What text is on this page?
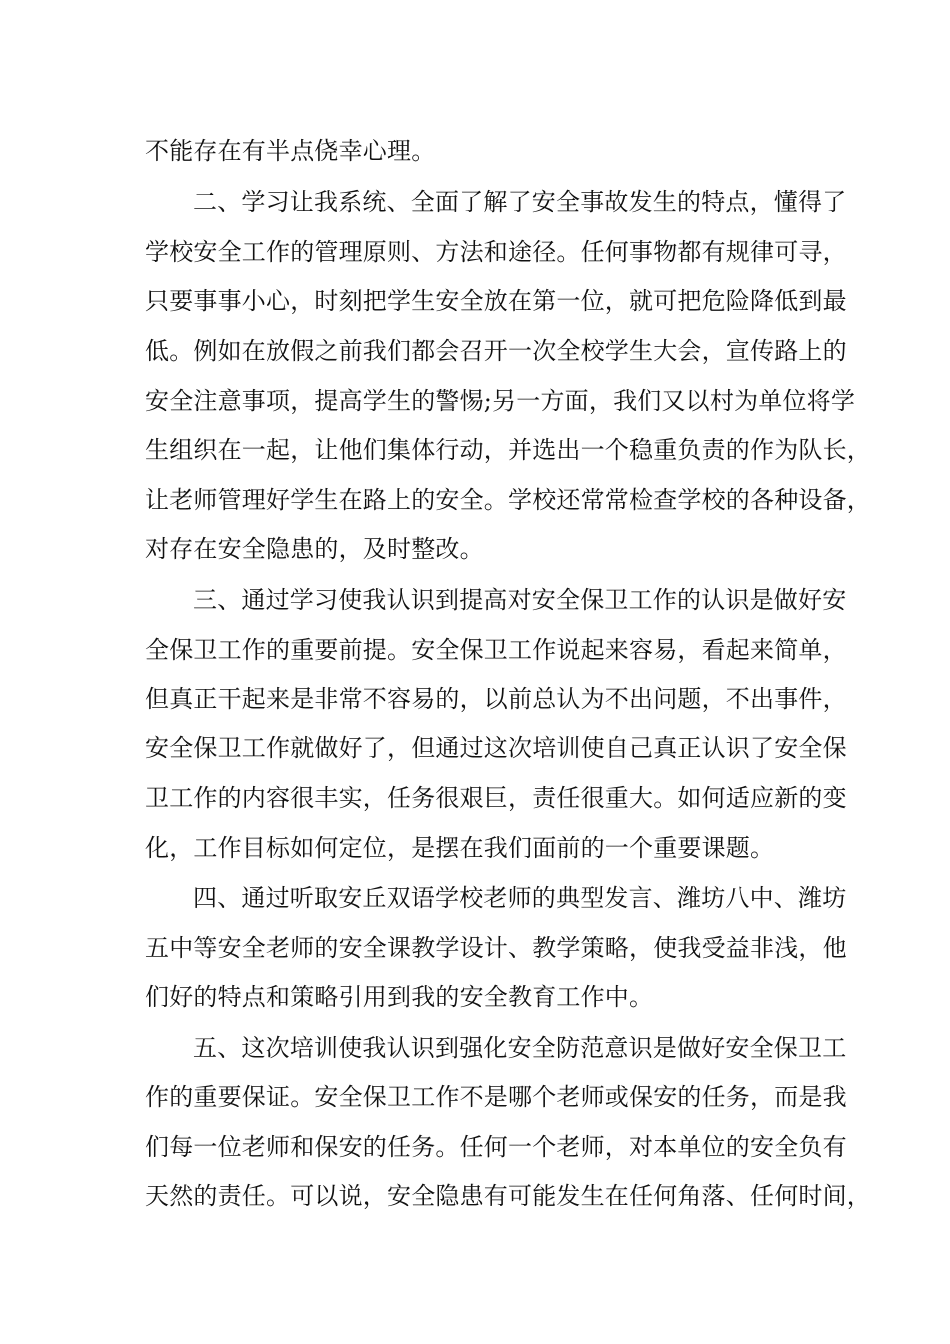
不能存在有半点侥幸心理。
二、学习让我系统、全面了解了安全事故发生的特点，懂得了
学校安全工作的管理原则、方法和途径。任何事物都有规律可寻，
只要事事小心，时刻把学生安全放在第一位，就可把危险降低到最
低。例如在放假之前我们都会召开一次全校学生大会，宣传路上的
安全注意事项，提高学生的警惕;另一方面，我们又以村为单位将学
生组织在一起，让他们集体行动，并选出一个稳重负责的作为队长，
让老师管理好学生在路上的安全。学校还常常检查学校的各种设备，
对存在安全隐患的，及时整改。
三、通过学习使我认识到提高对安全保卫工作的认识是做好安
全保卫工作的重要前提。安全保卫工作说起来容易，看起来简单，
但真正干起来是非常不容易的，以前总认为不出问题，不出事件，
安全保卫工作就做好了，但通过这次培训使自己真正认识了安全保
卫工作的内容很丰实，任务很艰巨，责任很重大。如何适应新的变
化，工作目标如何定位，是摆在我们面前的一个重要课题。
四、通过听取安丘双语学校老师的典型发言、潍坊八中、潍坊
五中等安全老师的安全课教学设计、教学策略，使我受益非浅，他
们好的特点和策略引用到我的安全教育工作中。
五、这次培训使我认识到强化安全防范意识是做好安全保卫工
作的重要保证。安全保卫工作不是哪个老师或保安的任务，而是我
们每一位老师和保安的任务。任何一个老师，对本单位的安全负有
天然的责任。可以说，安全隐患有可能发生在任何角落、任何时间，
